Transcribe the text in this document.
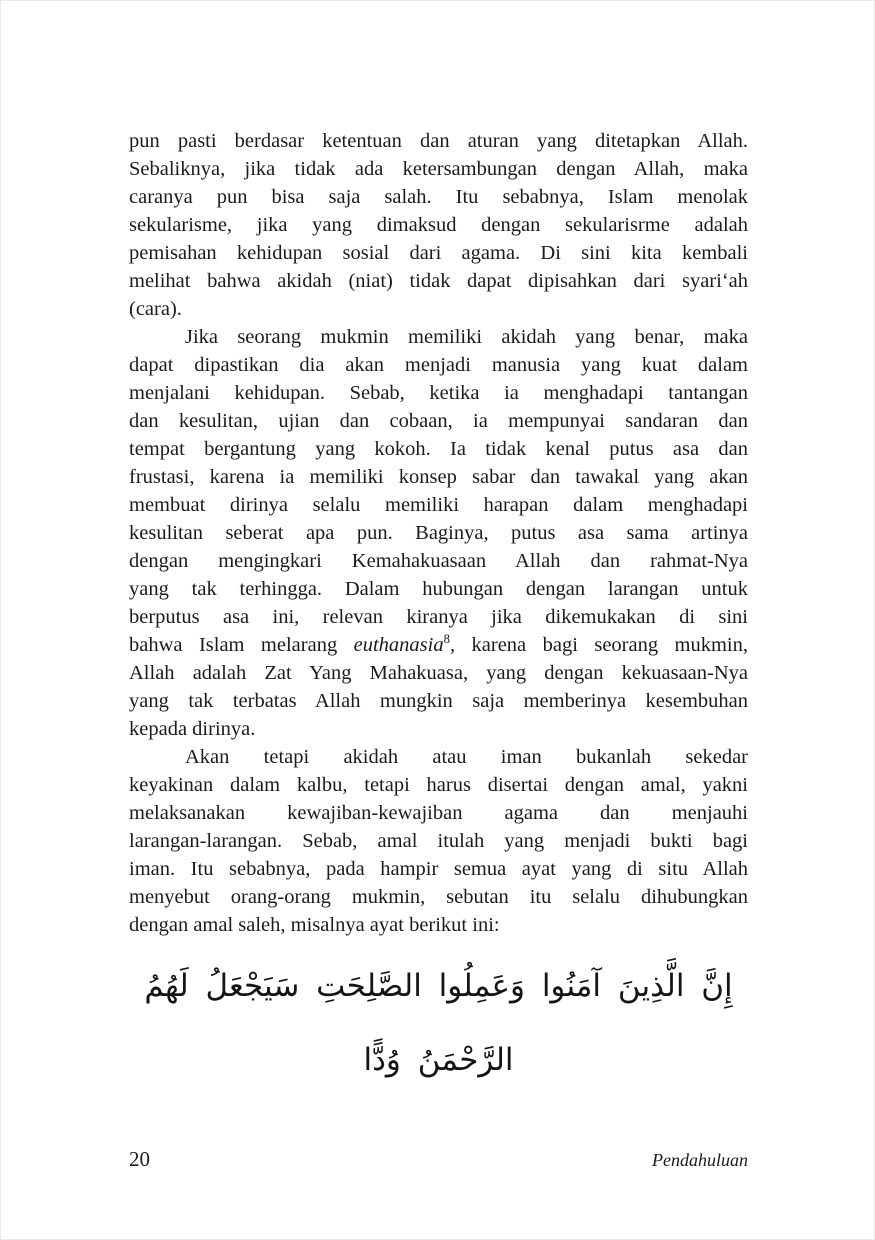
pun pasti berdasar ketentuan dan aturan yang ditetapkan Allah.
Sebaliknya, jika tidak ada ketersambungan dengan Allah, maka
caranya pun bisa saja salah. Itu sebabnya, Islam menolak
sekularisme, jika yang dimaksud dengan sekularisrme adalah
pemisahan kehidupan sosial dari agama. Di sini kita kembali
melihat bahwa akidah (niat) tidak dapat dipisahkan dari syari‘ah
(cara).
Jika seorang mukmin memiliki akidah yang benar, maka
dapat dipastikan dia akan menjadi manusia yang kuat dalam
menjalani kehidupan. Sebab, ketika ia menghadapi tantangan
dan kesulitan, ujian dan cobaan, ia mempunyai sandaran dan
tempat bergantung yang kokoh. Ia tidak kenal putus asa dan
frustasi, karena ia memiliki konsep sabar dan tawakal yang akan
membuat dirinya selalu memiliki harapan dalam menghadapi
kesulitan seberat apa pun. Baginya, putus asa sama artinya
dengan mengingkari Kemahakuasaan Allah dan rahmat-Nya
yang tak terhingga. Dalam hubungan dengan larangan untuk
berputus asa ini, relevan kiranya jika dikemukakan di sini
bahwa Islam melarang euthanasia$^8$, karena bagi seorang mukmin,
Allah adalah Zat Yang Mahakuasa, yang dengan kekuasaan-Nya
yang tak terbatas Allah mungkin saja memberinya kesembuhan
kepada dirinya.
Akan tetapi akidah atau iman bukanlah sekedar
keyakinan dalam kalbu, tetapi harus disertai dengan amal, yakni
melaksanakan kewajiban-kewajiban agama dan menjauhi
larangan-larangan. Sebab, amal itulah yang menjadi bukti bagi
iman. Itu sebabnya, pada hampir semua ayat yang di situ Allah
menyebut orang-orang mukmin, sebutan itu selalu dihubungkan
dengan amal saleh, misalnya ayat berikut ini:
إِنَّ الَّذِينَ آمَنُوا وَعَمِلُوا الصَّلِحَتِ سَيَجْعَلُ لَهُمُ الرَّحْمَنُ وُدًّا
20	Pendahuluan
